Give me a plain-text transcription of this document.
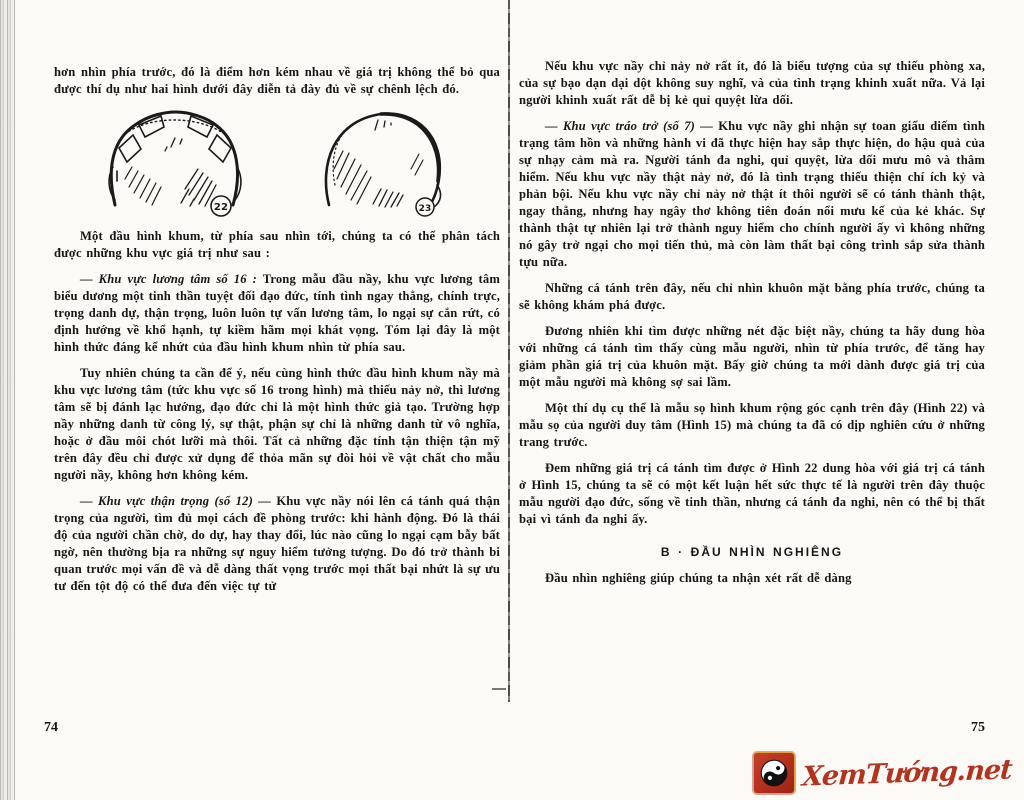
hơn nhìn phía trước, đó là điểm hơn kém nhau về giá trị không thể bỏ qua được thí dụ như hai hình dưới đây diễn tả đày đủ về sự chênh lệch đó.

22	23

Một đầu hình khum, từ phía sau nhìn tới, chúng ta có thể phân tách được những khu vực giá trị như sau :

— Khu vực lương tâm số 16 : Trong mẫu đầu nầy, khu vực lương tâm biểu dương một tinh thần tuyệt đối đạo đức, tính tình ngay thẳng, chính trực, trọng danh dự, thận trọng, luôn luôn tự vấn lương tâm, lo ngại sự cắn rứt, có định hướng về khổ hạnh, tự kiềm hãm mọi khát vọng. Tóm lại đây là một hình thức đáng kể nhứt của đầu hình khum nhìn từ phía sau.

Tuy nhiên chúng ta cần để ý, nếu cùng hình thức đầu hình khum nầy mà khu vực lương tâm (tức khu vực số 16 trong hình) mà thiếu nảy nở, thì lương tâm sẽ bị đánh lạc hướng, đạo đức chỉ là một hình thức giả tạo. Trường hợp nầy những danh từ công lý, sự thật, phận sự chỉ là những danh từ vô nghĩa, hoặc ở đầu môi chót lưỡi mà thôi. Tất cả những đặc tính tận thiện tận mỹ trên đây đều chỉ được xử dụng để thỏa mãn sự đòi hỏi về vật chất cho mẫu người nầy, không hơn không kém.

— Khu vực thận trọng (số 12) — Khu vực nầy nói lên cá tánh quá thận trọng của người, tìm đủ mọi cách đề phòng trước: khi hành động. Đó là thái độ của người chần chờ, do dự, hay thay đổi, lúc nào cũng lo ngại cạm bẫy bất ngờ, nên thường bịa ra những sự nguy hiểm tưởng tượng. Do đó trở thành bi quan trước mọi vấn đề và dễ dàng thất vọng trước mọi thất bại nhứt là sự ưu tư đến tột độ có thể đưa đến việc tự tử

Nếu khu vực nầy chỉ nảy nở rất ít, đó là biểu tượng của sự thiếu phòng xa, của sự bạo dạn dại dột không suy nghĩ, và của tình trạng khinh xuất nữa. Vả lại người khinh xuất rất dễ bị kẻ quỉ quyệt lừa dối.

— Khu vực tráo trở (số 7) — Khu vực nầy ghi nhận sự toan giấu diếm tình trạng tâm hồn và những hành vi đã thực hiện hay sắp thực hiện, do hậu quả của sự nhạy cảm mà ra. Người tánh đa nghi, quỉ quyệt, lừa dối mưu mô và thâm hiểm. Nếu khu vực nầy thật nảy nở, đó là tình trạng thiếu thiện chí ích kỷ và phản bội. Nếu khu vực nầy chỉ nảy nở thật ít thôi người sẽ có tánh thành thật, ngay thẳng, nhưng hay ngây thơ không tiên đoán nổi mưu kế của kẻ khác. Sự thành thật tự nhiên lại trở thành nguy hiểm cho chính người ấy vì không những nó gây trở ngại cho mọi tiến thủ, mà còn làm thất bại công trình sắp sửa thành tựu nữa.

Những cá tánh trên đây, nếu chỉ nhìn khuôn mặt bằng phía trước, chúng ta sẽ không khám phá được.

Đương nhiên khi tìm được những nét đặc biệt nầy, chúng ta hãy dung hòa với những cá tánh tìm thấy cùng mẫu người, nhìn từ phía trước, để tăng hay giảm phần giá trị của khuôn mặt. Bấy giờ chúng ta mới dành được giá trị của một mẫu người mà không sợ sai lầm.

Một thí dụ cụ thể là mẫu sọ hình khum rộng góc cạnh trên đây (Hình 22) và mẫu sọ của người duy tâm (Hình 15) mà chúng ta đã có dịp nghiên cứu ở những trang trước.

Đem những giá trị cá tánh tìm được ở Hình 22 dung hòa với giá trị cá tánh ở Hình 15, chúng ta sẽ có một kết luận hết sức thực tế là người trên đây thuộc mẫu người đạo đức, sống về tinh thần, nhưng cá tánh đa nghi, nên có thể bị thất bại vì tánh đa nghi ấy.

B · ĐẦU NHÌN NGHIÊNG

Đầu nhìn nghiêng giúp chúng ta nhận xét rất dễ dàng

74	75
XemTướng.net
